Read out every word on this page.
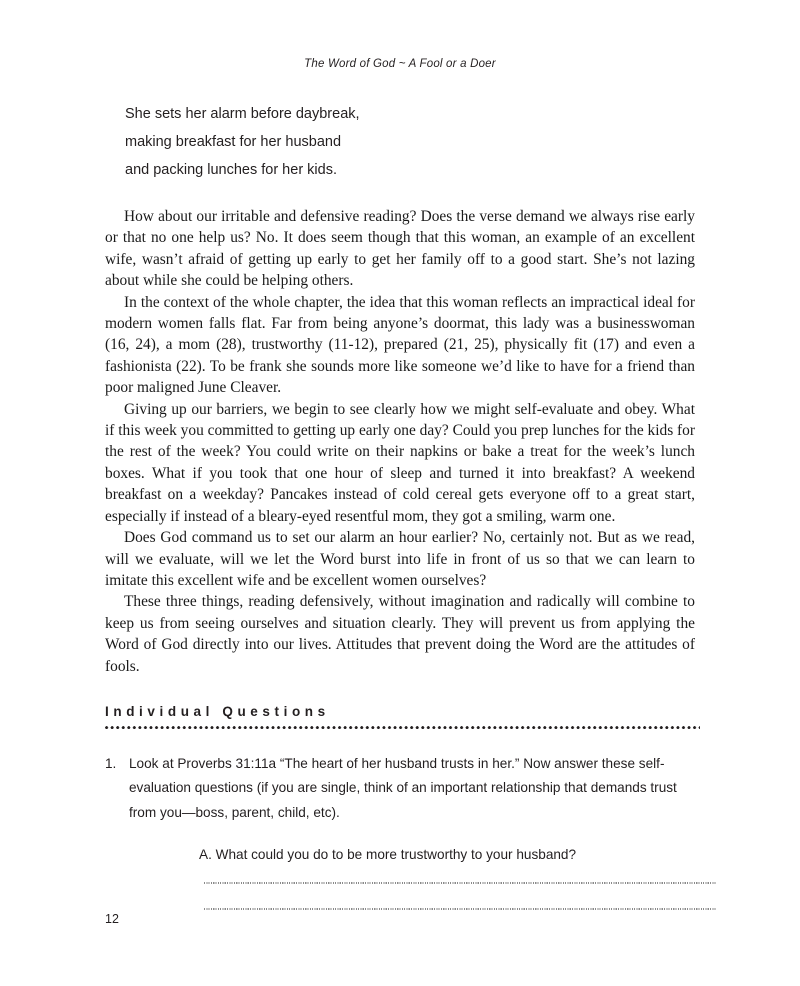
The Word of God ~ A Fool or a Doer
She sets her alarm before daybreak,
making breakfast for her husband
and packing lunches for her kids.

How about our irritable and defensive reading? Does the verse demand we always rise early or that no one help us? No. It does seem though that this woman, an example of an excellent wife, wasn’t afraid of getting up early to get her family off to a good start. She’s not lazing about while she could be helping others.

In the context of the whole chapter, the idea that this woman reflects an impractical ideal for modern women falls flat. Far from being anyone’s doormat, this lady was a businesswoman (16, 24), a mom (28), trustworthy (11-12), prepared (21, 25), physically fit (17) and even a fashionista (22). To be frank she sounds more like someone we’d like to have for a friend than poor maligned June Cleaver.

Giving up our barriers, we begin to see clearly how we might self-evaluate and obey. What if this week you committed to getting up early one day? Could you prep lunches for the kids for the rest of the week? You could write on their napkins or bake a treat for the week’s lunch boxes. What if you took that one hour of sleep and turned it into breakfast? A weekend breakfast on a weekday? Pancakes instead of cold cereal gets everyone off to a great start, especially if instead of a bleary-eyed resentful mom, they got a smiling, warm one.

Does God command us to set our alarm an hour earlier? No, certainly not. But as we read, will we evaluate, will we let the Word burst into life in front of us so that we can learn to imitate this excellent wife and be excellent women ourselves?

These three things, reading defensively, without imagination and radically will combine to keep us from seeing ourselves and situation clearly. They will prevent us from applying the Word of God directly into our lives. Attitudes that prevent doing the Word are the attitudes of fools.

Individual Questions
1. Look at Proverbs 31:11a “The heart of her husband trusts in her.” Now answer these self-evaluation questions (if you are single, think of an important relationship that demands trust from you—boss, parent, child, etc).
A. What could you do to be more trustworthy to your husband?
12
